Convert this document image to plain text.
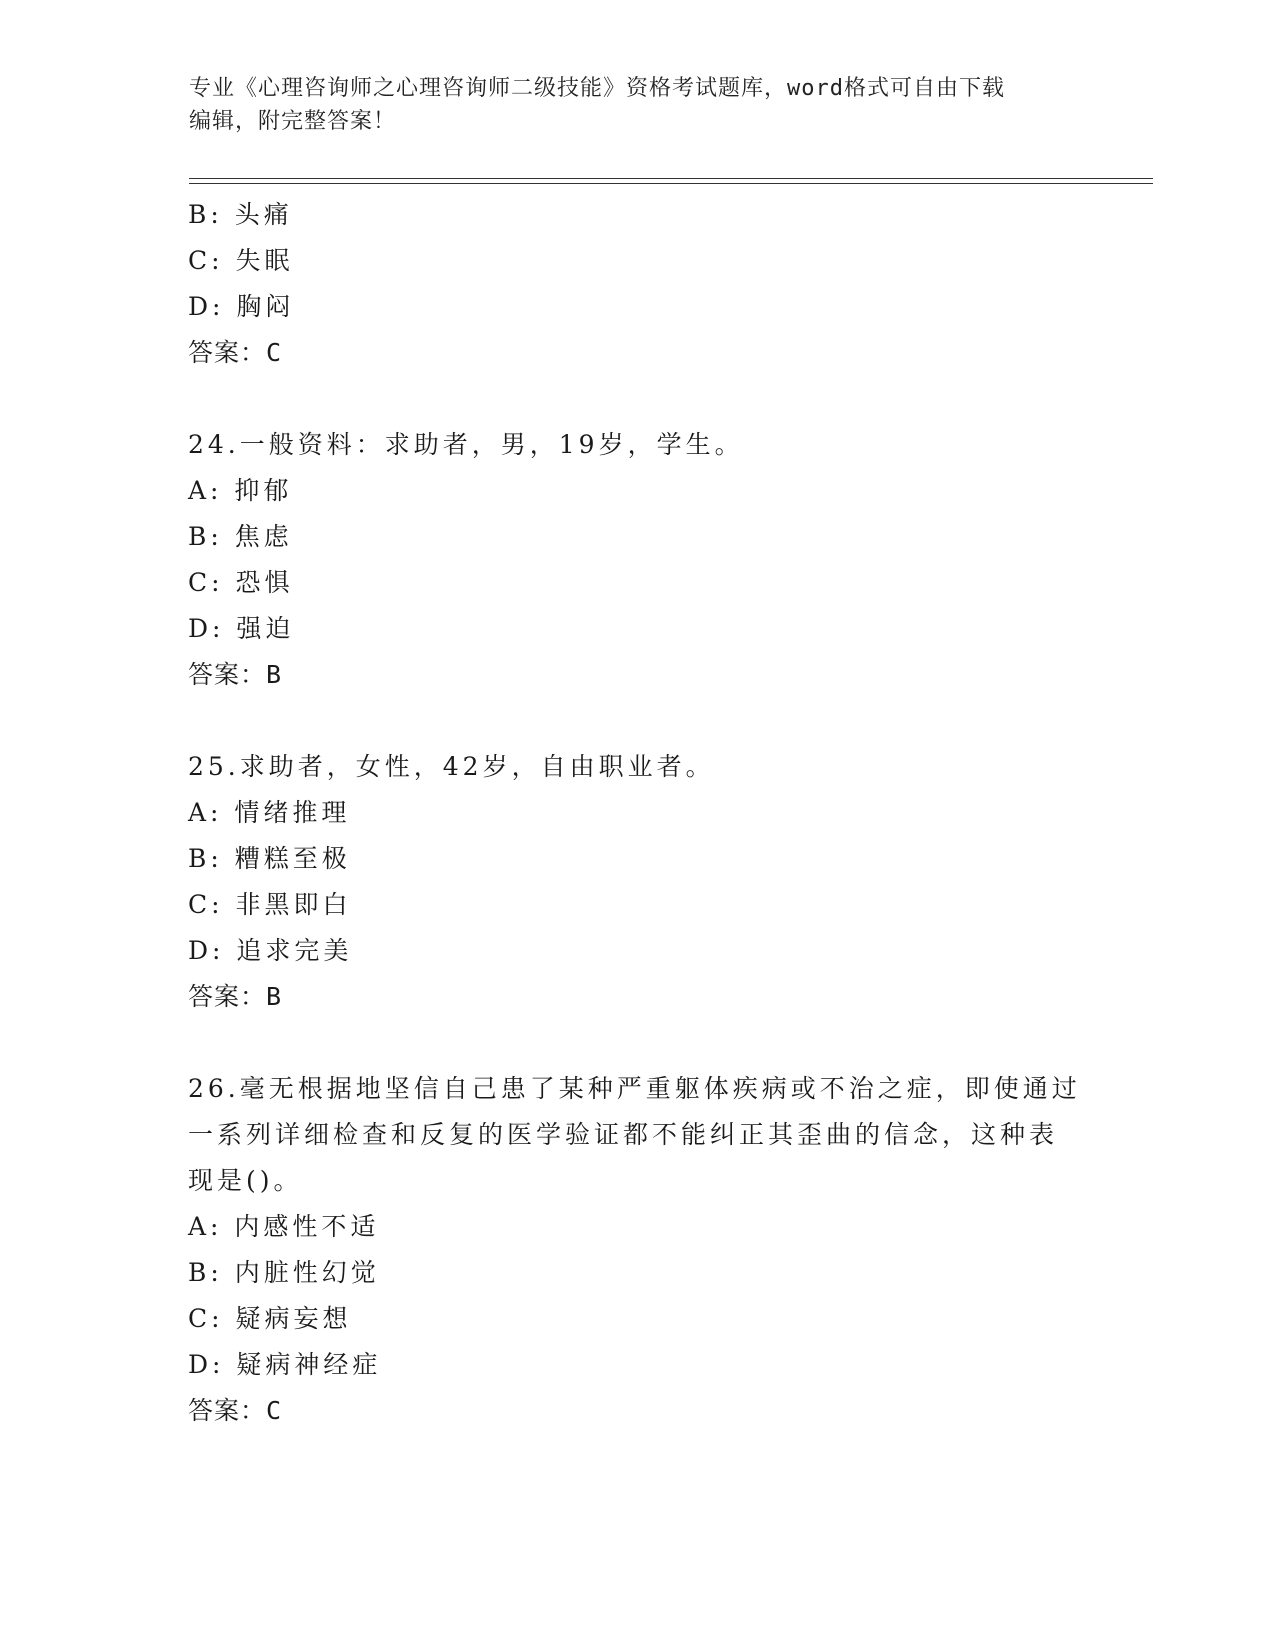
专业《心理咨询师之心理咨询师二级技能》资格考试题库，word格式可自由下载
编辑，附完整答案！
B: 头痛
C: 失眠
D: 胸闷
答案：C
24.一般资料：求助者，男，19岁，学生。
A: 抑郁
B: 焦虑
C: 恐惧
D: 强迫
答案：B
25.求助者，女性，42岁，自由职业者。
A: 情绪推理
B: 糟糕至极
C: 非黑即白
D: 追求完美
答案：B
26.毫无根据地坚信自己患了某种严重躯体疾病或不治之症，即使通过
一系列详细检查和反复的医学验证都不能纠正其歪曲的信念，这种表
现是()。
A: 内感性不适
B: 内脏性幻觉
C: 疑病妄想
D: 疑病神经症
答案：C
